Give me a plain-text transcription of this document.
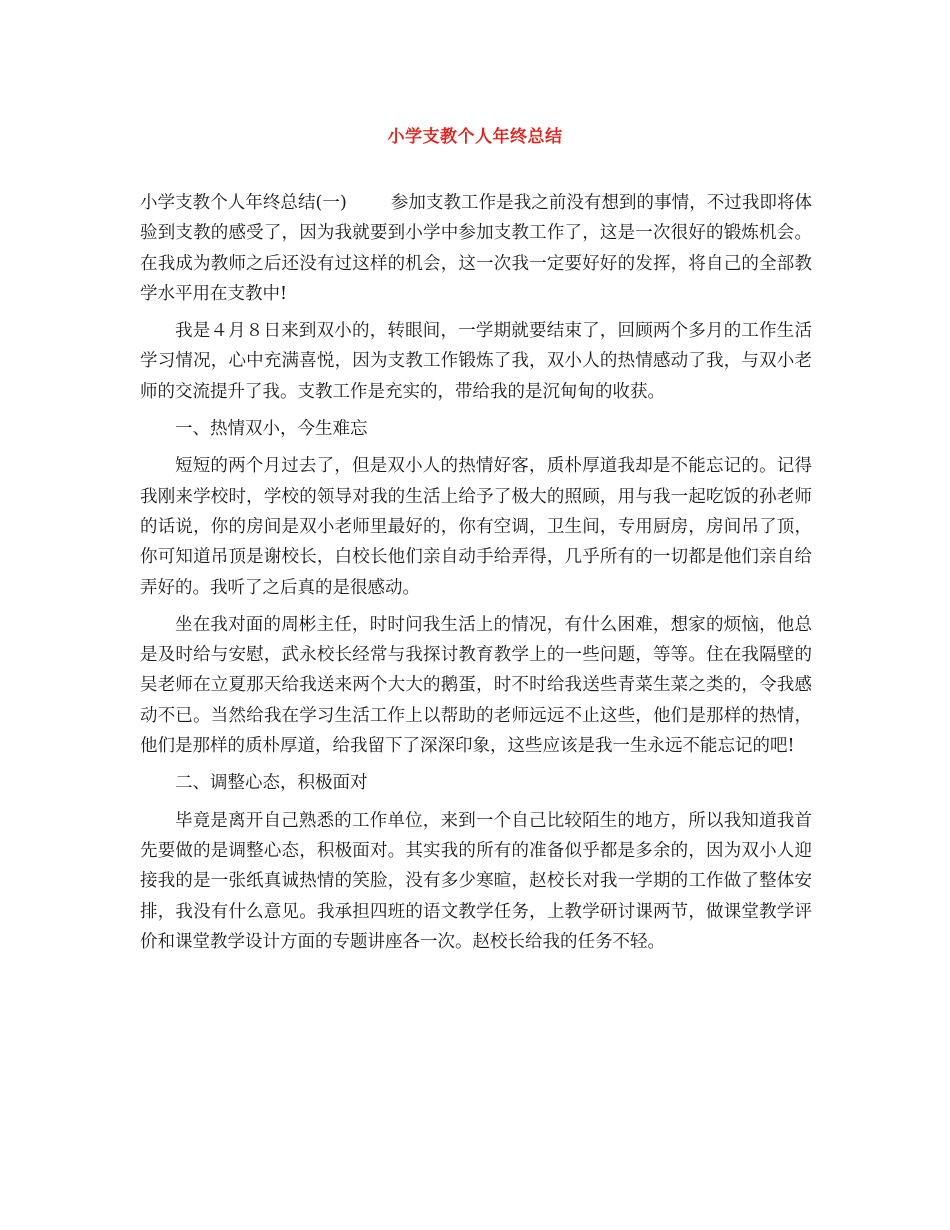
小学支教个人年终总结

小学支教个人年终总结(一)	参加支教工作是我之前没有想到的事情，不过我即将体验到支教的感受了，因为我就要到小学中参加支教工作了，这是一次很好的锻炼机会。在我成为教师之后还没有过这样的机会，这一次我一定要好好的发挥，将自己的全部教学水平用在支教中!

我是４月８日来到双小的，转眼间，一学期就要结束了，回顾两个多月的工作生活学习情况，心中充满喜悦，因为支教工作锻炼了我，双小人的热情感动了我，与双小老师的交流提升了我。支教工作是充实的，带给我的是沉甸甸的收获。

一、热情双小，今生难忘

短短的两个月过去了，但是双小人的热情好客，质朴厚道我却是不能忘记的。记得我刚来学校时，学校的领导对我的生活上给予了极大的照顾，用与我一起吃饭的孙老师的话说，你的房间是双小老师里最好的，你有空调，卫生间，专用厨房，房间吊了顶，你可知道吊顶是谢校长，白校长他们亲自动手给弄得，几乎所有的一切都是他们亲自给弄好的。我听了之后真的是很感动。

坐在我对面的周彬主任，时时问我生活上的情况，有什么困难，想家的烦恼，他总是及时给与安慰，武永校长经常与我探讨教育教学上的一些问题，等等。住在我隔壁的吴老师在立夏那天给我送来两个大大的鹅蛋，时不时给我送些青菜生菜之类的，令我感动不已。当然给我在学习生活工作上以帮助的老师远远不止这些，他们是那样的热情，他们是那样的质朴厚道，给我留下了深深印象，这些应该是我一生永远不能忘记的吧!

二、调整心态，积极面对

毕竟是离开自己熟悉的工作单位，来到一个自己比较陌生的地方，所以我知道我首先要做的是调整心态，积极面对。其实我的所有的准备似乎都是多余的，因为双小人迎接我的是一张纸真诚热情的笑脸，没有多少寒暄，赵校长对我一学期的工作做了整体安排，我没有什么意见。我承担四班的语文教学任务，上教学研讨课两节，做课堂教学评价和课堂教学设计方面的专题讲座各一次。赵校长给我的任务不轻。
